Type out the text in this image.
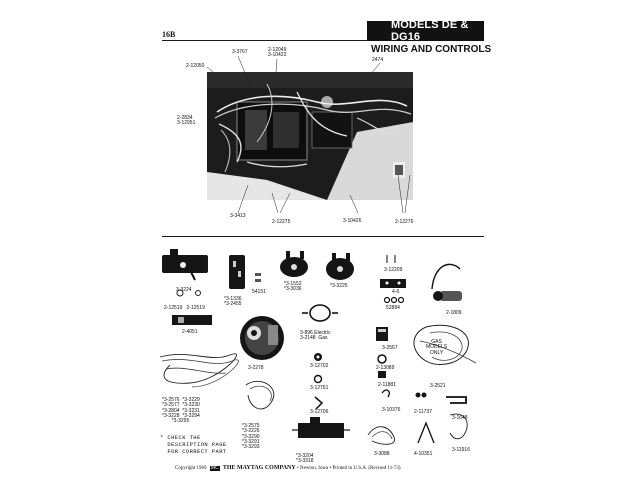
16B
MODELS DE & DG16
WIRING AND CONTROLS
3-3767	2-12049
3-10422
2474
2-12050
2-2834
3-12951
3-3413
2-12275	3-10426	2-12276
3-3224
2-12519   2-12519
*3-1336
*3-2455
54151
*3-1552
*3-3036
*3-3225
3-12209
4-6
52884
2-1809
2-4051	3-896 Electric
3-2148  Gas
3-2567
GAS
MODELS
ONLY
3-2278	3-12702	2-13089
3-12751	2-11881	3-2521
*3-2576  *3-3229
*3-2577  *3-3230
*3-2804  *3-3231
*3-3228  *3-3294
*3-3295
3-12706	3-10376	2-11737
3-1648
*3-2575
*3-2226
*3-3290
*3-3291
*3-3293
*3-3204
*3-3318
3-3088	4-10351
3-11916
* CHECK THE
DESCRIPTION PAGE
FOR CORRECT PART
Copyright 1969 MC THE MAYTAG COMPANY • Newton, Iowa • Printed in U.S.A. (Revised 11-73)
